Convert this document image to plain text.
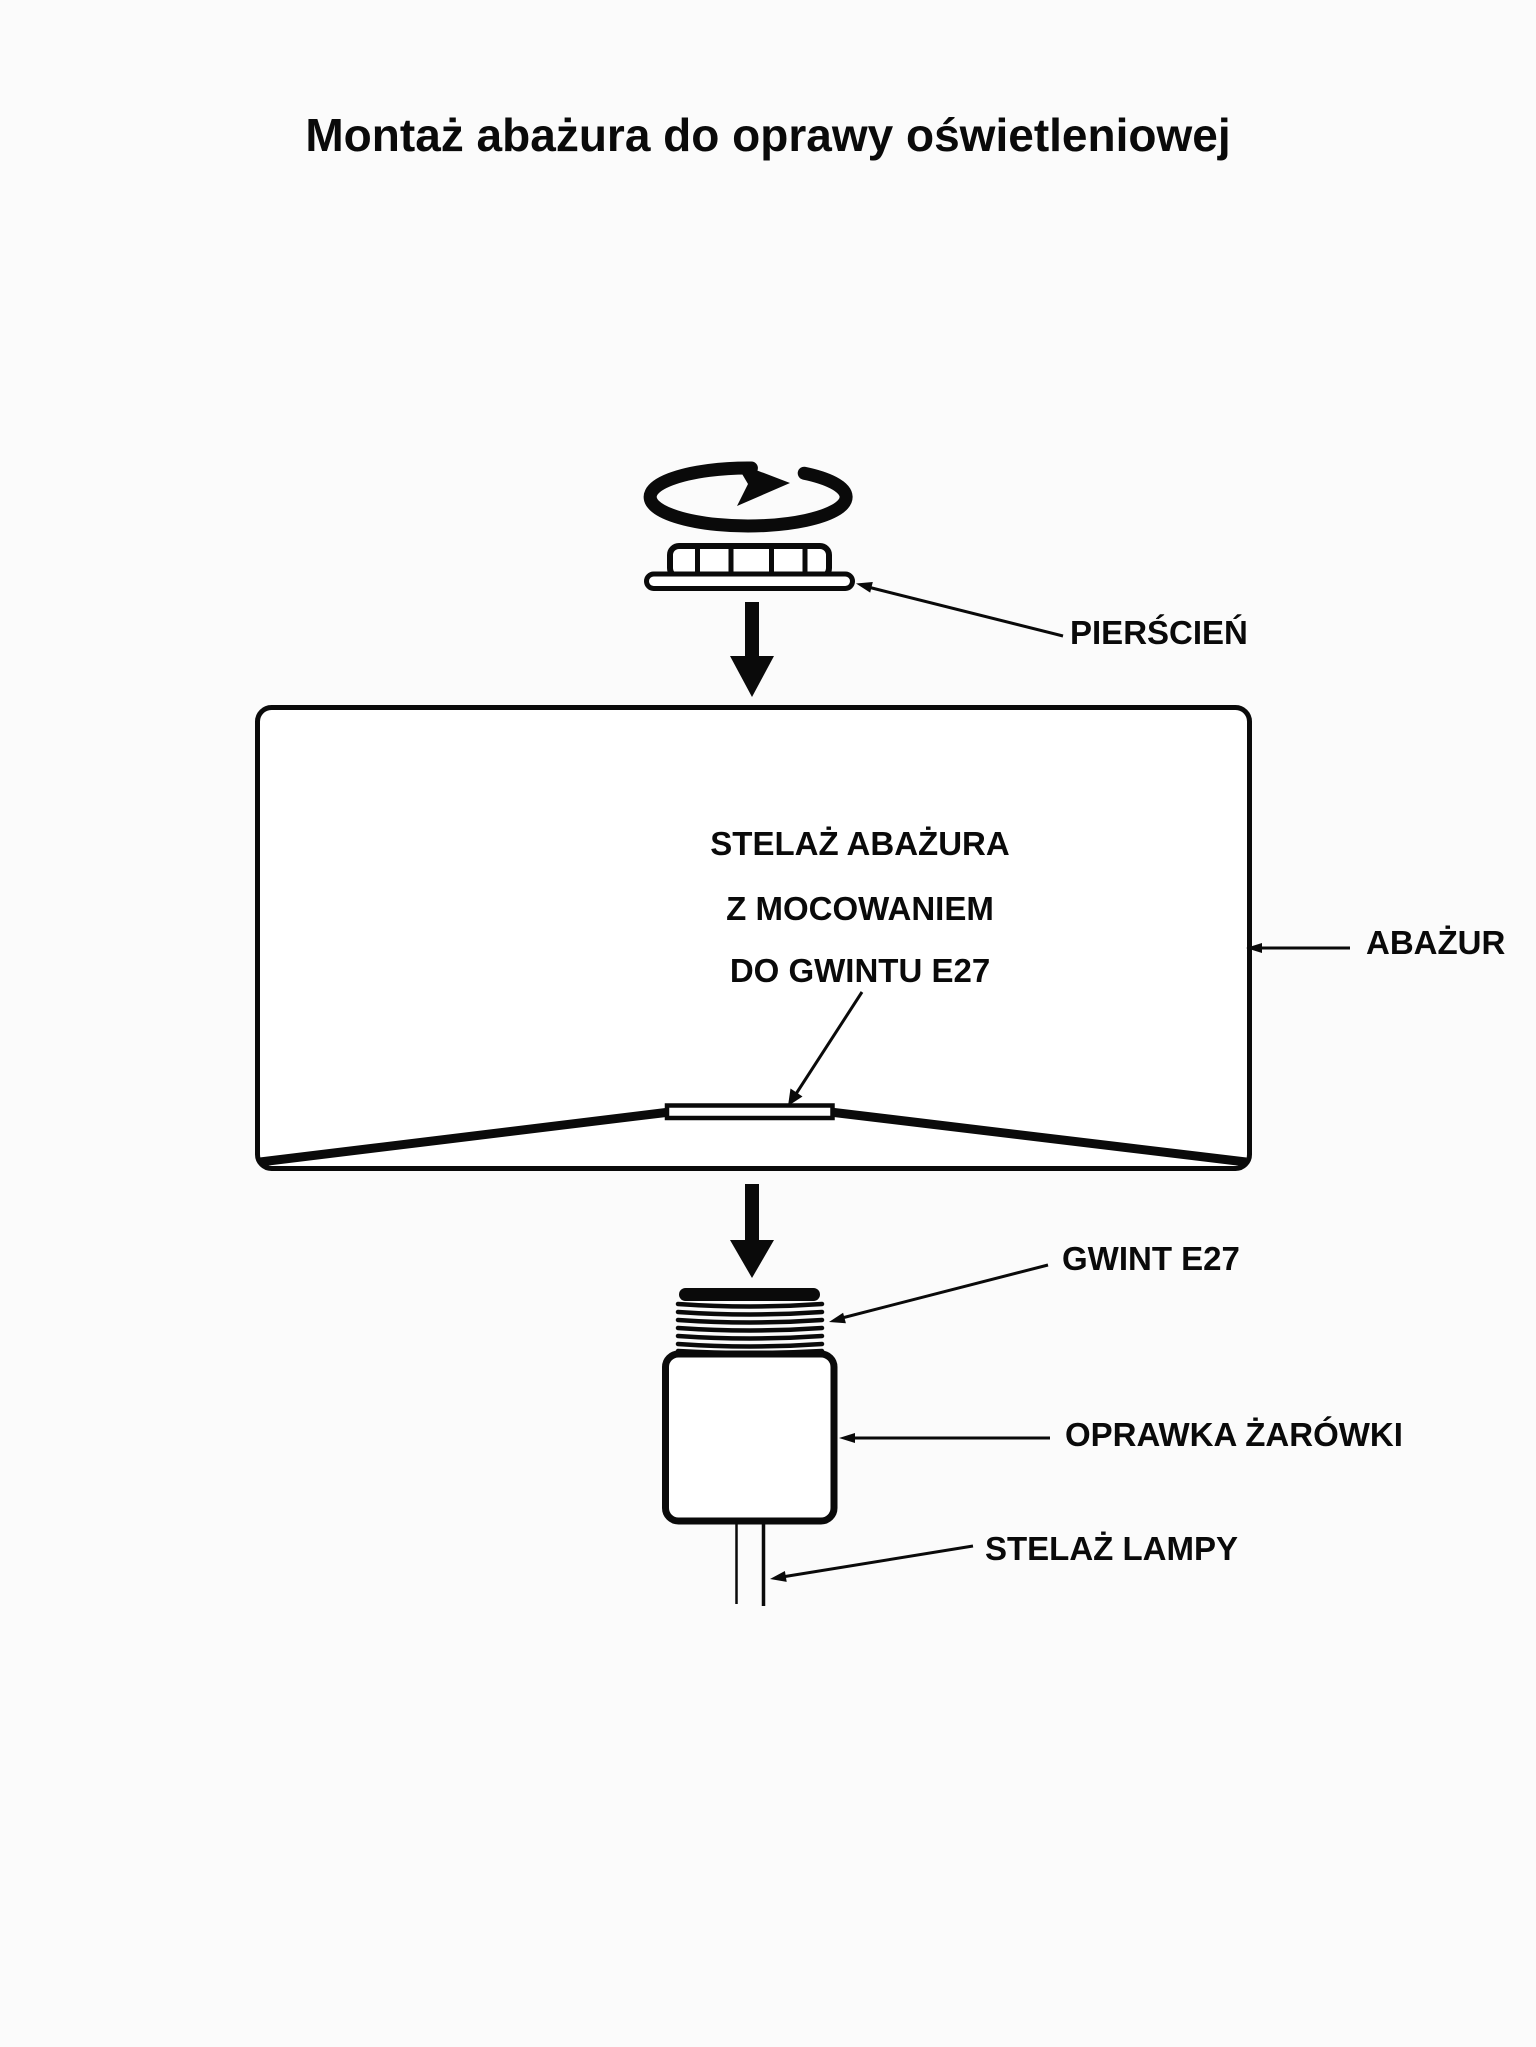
Montaż abażura do oprawy oświetleniowej
STELAŻ ABAŻURA
Z MOCOWANIEM
DO GWINTU E27
PIERŚCIEŃ
ABAŻUR
GWINT E27
OPRAWKA ŻARÓWKI
STELAŻ LAMPY
